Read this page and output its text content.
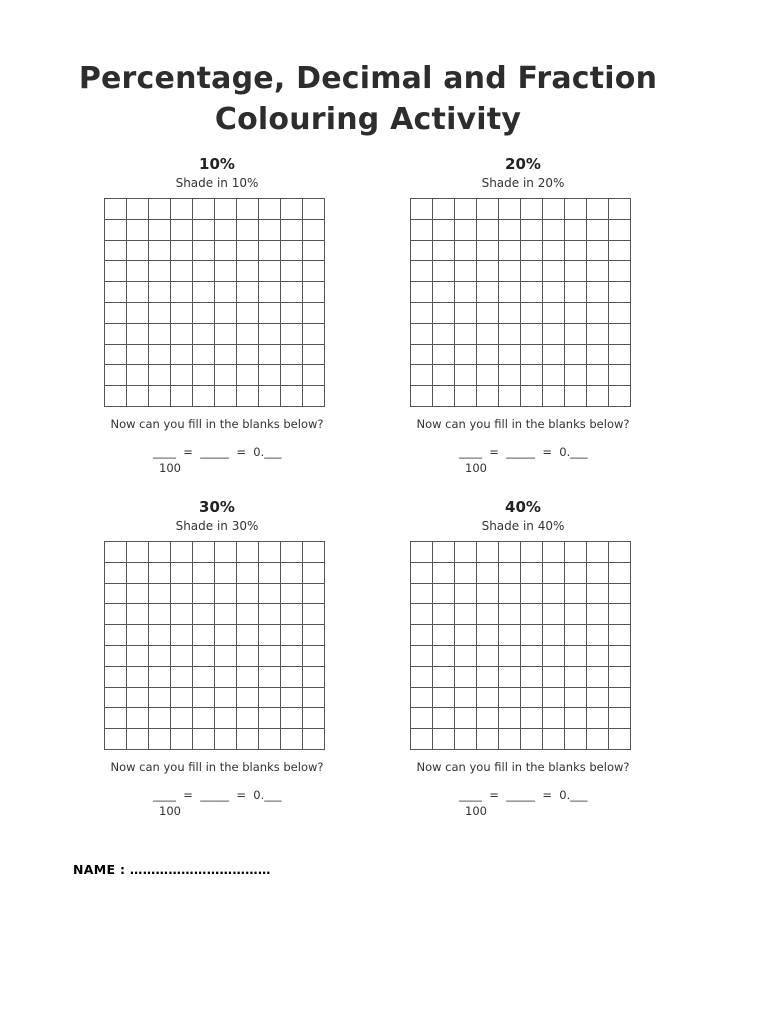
Percentage, Decimal and Fraction
Colouring Activity
10%
Shade in 10%
Now can you fill in the blanks below?
____  =  _____  =  0.___
100
20%
Shade in 20%
Now can you fill in the blanks below?
____  =  _____  =  0.___
100
30%
Shade in 30%
Now can you fill in the blanks below?
____  =  _____  =  0.___
100
40%
Shade in 40%
Now can you fill in the blanks below?
____  =  _____  =  0.___
100
NAME : ……………………………
